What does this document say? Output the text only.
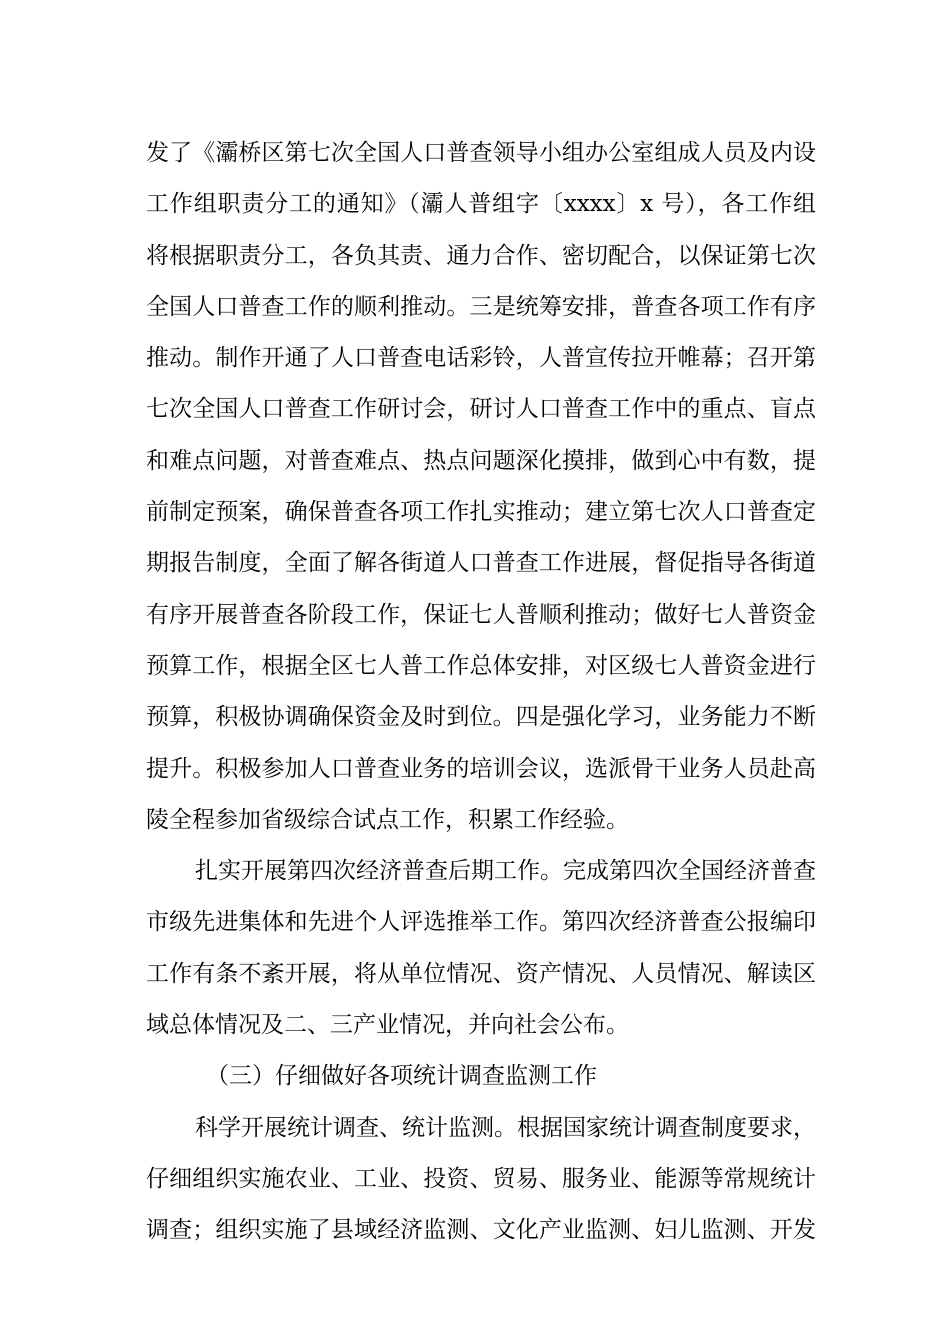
发了《灞桥区第七次全国人口普查领导小组办公室组成人员及内设
工作组职责分工的通知》（灞人普组字〔xxxx〕x 号），各工作组
将根据职责分工，各负其责、通力合作、密切配合，以保证第七次
全国人口普查工作的顺利推动。三是统筹安排，普查各项工作有序
推动。制作开通了人口普查电话彩铃，人普宣传拉开帷幕；召开第
七次全国人口普查工作研讨会，研讨人口普查工作中的重点、盲点
和难点问题，对普查难点、热点问题深化摸排，做到心中有数，提
前制定预案，确保普查各项工作扎实推动；建立第七次人口普查定
期报告制度，全面了解各街道人口普查工作进展，督促指导各街道
有序开展普查各阶段工作，保证七人普顺利推动；做好七人普资金
预算工作，根据全区七人普工作总体安排，对区级七人普资金进行
预算，积极协调确保资金及时到位。四是强化学习，业务能力不断
提升。积极参加人口普查业务的培训会议，选派骨干业务人员赴高
陵全程参加省级综合试点工作，积累工作经验。
扎实开展第四次经济普查后期工作。完成第四次全国经济普查
市级先进集体和先进个人评选推举工作。第四次经济普查公报编印
工作有条不紊开展，将从单位情况、资产情况、人员情况、解读区
域总体情况及二、三产业情况，并向社会公布。
（三）仔细做好各项统计调查监测工作
科学开展统计调查、统计监测。根据国家统计调查制度要求，
仔细组织实施农业、工业、投资、贸易、服务业、能源等常规统计
调查；组织实施了县域经济监测、文化产业监测、妇儿监测、开发
